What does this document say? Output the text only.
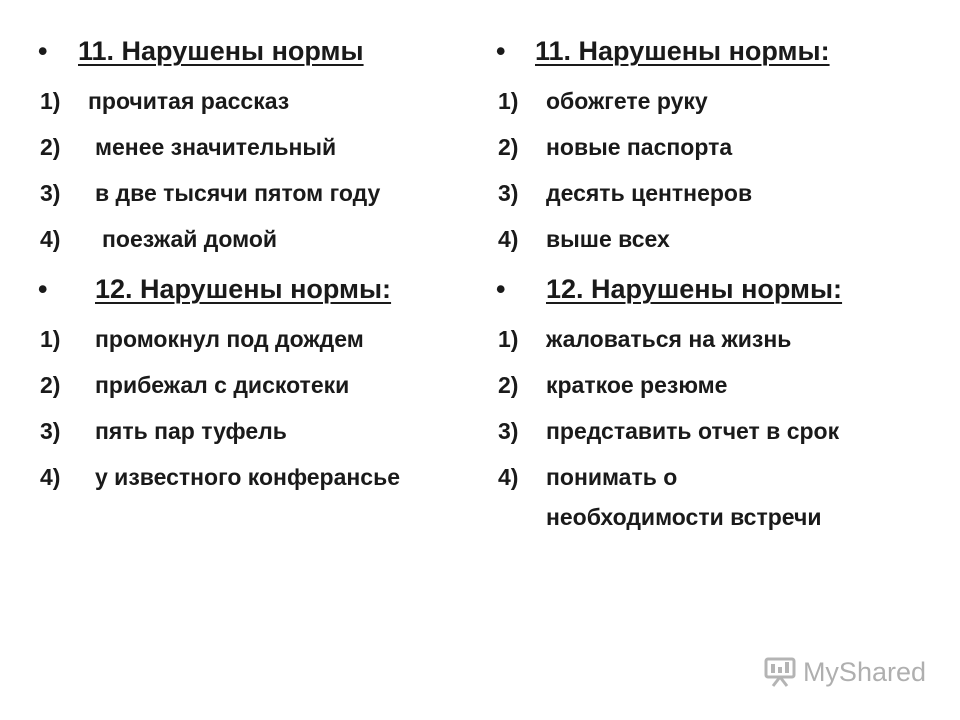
• 11. Нарушены нормы
1) прочитая рассказ
2) менее значительный
3) в две тысячи пятом году
4) поезжай домой
• 12. Нарушены нормы:
1) промокнул под дождем
2) прибежал с дискотеки
3) пять пар туфель
4) у известного конферансье
• 11. Нарушены нормы:
1) обожгете руку
2) новые паспорта
3) десять центнеров
4) выше всех
• 12. Нарушены нормы:
1) жаловаться на жизнь
2) краткое резюме
3) представить отчет в срок
4) понимать о
необходимости встречи
MyShared
